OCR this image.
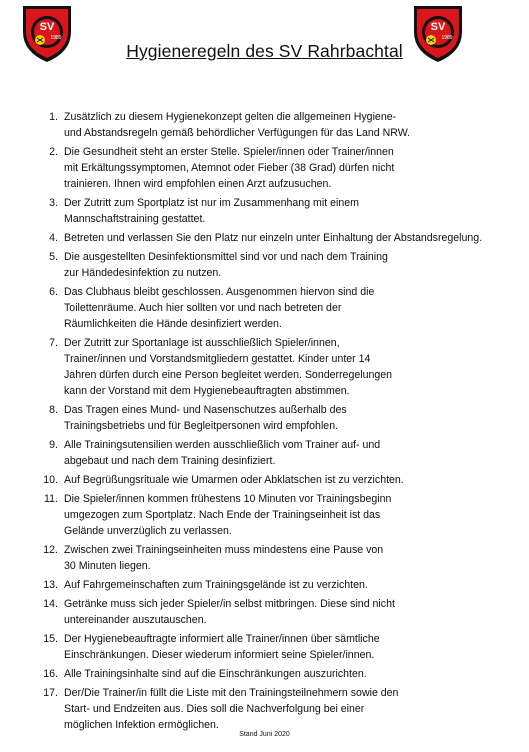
SV
1989
SV
1989
Hygieneregeln des SV Rahrbachtal
1. Zusätzlich zu diesem Hygienekonzept gelten die allgemeinen Hygiene-
und Abstandsregeln gemäß behördlicher Verfügungen für das Land NRW.
2. Die Gesundheit steht an erster Stelle. Spieler/innen oder Trainer/innen
mit Erkältungssymptomen, Atemnot oder Fieber (38 Grad) dürfen nicht
trainieren. Ihnen wird empfohlen einen Arzt aufzusuchen.
3. Der Zutritt zum Sportplatz ist nur im Zusammenhang mit einem
Mannschaftstraining gestattet.
4. Betreten und verlassen Sie den Platz nur einzeln unter Einhaltung der Abstandsregelung.
5. Die ausgestellten Desinfektionsmittel sind vor und nach dem Training
zur Händedesinfektion zu nutzen.
6. Das Clubhaus bleibt geschlossen. Ausgenommen hiervon sind die
Toilettenräume. Auch hier sollten vor und nach betreten der
Räumlichkeiten die Hände desinfiziert werden.
7. Der Zutritt zur Sportanlage ist ausschließlich Spieler/innen,
Trainer/innen und Vorstandsmitgliedern gestattet. Kinder unter 14
Jahren dürfen durch eine Person begleitet werden. Sonderregelungen
kann der Vorstand mit dem Hygienebeauftragten abstimmen.
8. Das Tragen eines Mund- und Nasenschutzes außerhalb des
Trainingsbetriebs und für Begleitpersonen wird empfohlen.
9. Alle Trainingsutensilien werden ausschließlich vom Trainer auf- und
abgebaut und nach dem Training desinfiziert.
10. Auf Begrüßungsrituale wie Umarmen oder Abklatschen ist zu verzichten.
11. Die Spieler/innen kommen frühestens 10 Minuten vor Trainingsbeginn
umgezogen zum Sportplatz. Nach Ende der Trainingseinheit ist das
Gelände unverzüglich zu verlassen.
12. Zwischen zwei Trainingseinheiten muss mindestens eine Pause von
30 Minuten liegen.
13. Auf Fahrgemeinschaften zum Trainingsgelände ist zu verzichten.
14. Getränke muss sich jeder Spieler/in selbst mitbringen. Diese sind nicht
untereinander auszutauschen.
15. Der Hygienebeauftragte informiert alle Trainer/innen über sämtliche
Einschränkungen. Dieser wiederum informiert seine Spieler/innen.
16. Alle Trainingsinhalte sind auf die Einschränkungen auszurichten.
17. Der/Die Trainer/in füllt die Liste mit den Trainingsteilnehmern sowie den
Start- und Endzeiten aus. Dies soll die Nachverfolgung bei einer
möglichen Infektion ermöglichen.
Stand Juni 2020
